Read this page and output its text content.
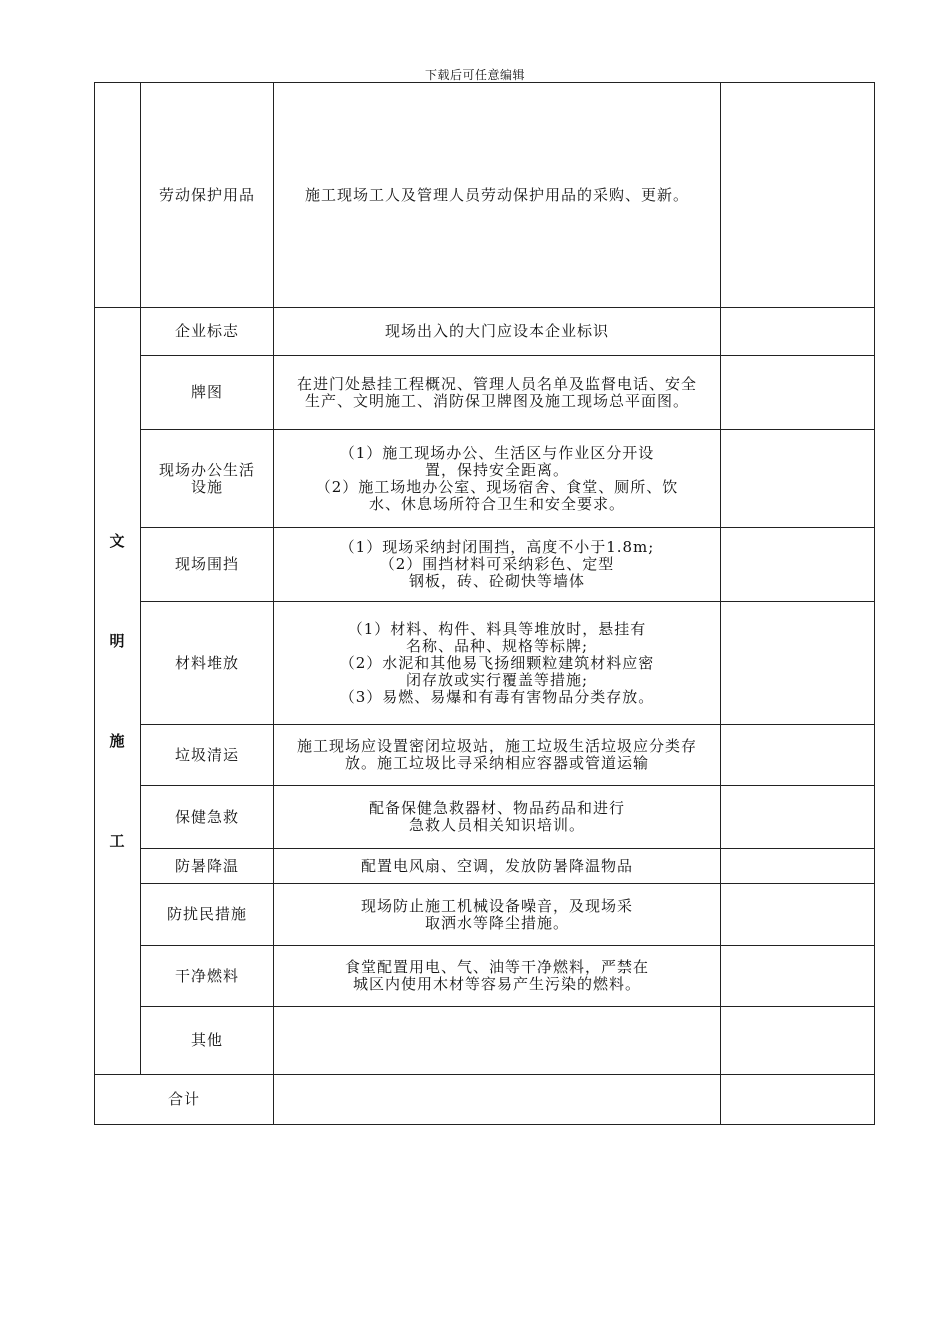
下载后可任意编辑
	劳动保护用品	施工现场工人及管理人员劳动保护用品的采购、更新。	

文
明
施
工	企业标志	现场出入的大门应设本企业标识	
	牌图	在进门处悬挂工程概况、管理人员名单及监督电话、安全
生产、文明施工、消防保卫牌图及施工现场总平面图。	
	现场办公生活
设施	（1）施工现场办公、生活区与作业区分开设
置，保持安全距离。
（2）施工场地办公室、现场宿舍、食堂、厕所、饮
水、休息场所符合卫生和安全要求。	
	现场围挡	（1）现场采纳封闭围挡，高度不小于1.8m;
（2）围挡材料可采纳彩色、定型
钢板，砖、砼砌快等墙体	
	材料堆放	（1）材料、构件、料具等堆放时，悬挂有
名称、品种、规格等标牌;
（2）水泥和其他易飞扬细颗粒建筑材料应密
闭存放或实行覆盖等措施;
（3）易燃、易爆和有毒有害物品分类存放。	
	垃圾清运	施工现场应设置密闭垃圾站，施工垃圾生活垃圾应分类存
放。施工垃圾比寻采纳相应容器或管道运输	
	保健急救	配备保健急救器材、物品药品和进行
急救人员相关知识培训。	
	防暑降温	配置电风扇、空调，发放防暑降温物品	
	防扰民措施	现场防止施工机械设备噪音，及现场采
取洒水等降尘措施。	
	干净燃料	食堂配置用电、气、油等干净燃料，严禁在
城区内使用木材等容易产生污染的燃料。	
	其他		
合计			
